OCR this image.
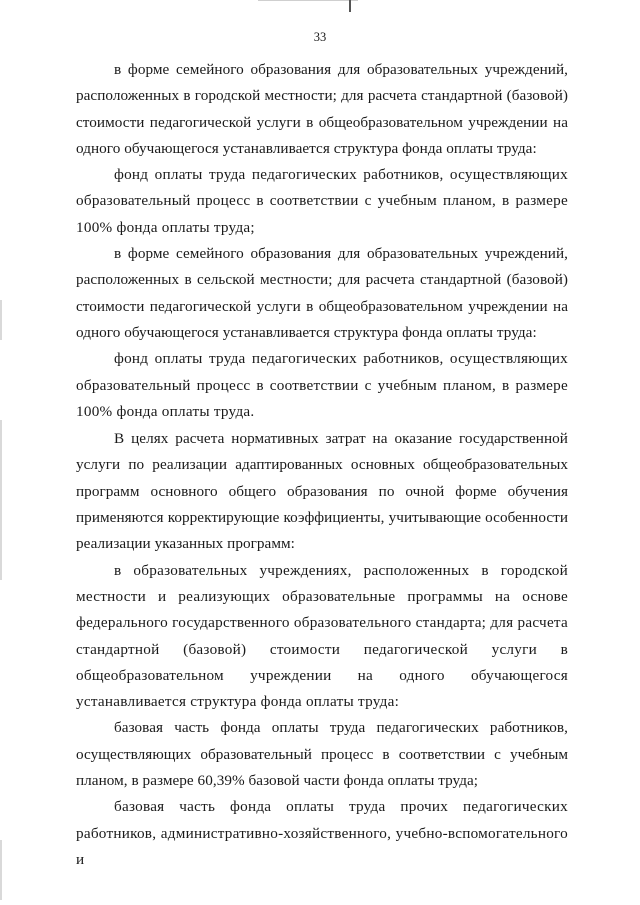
33

в форме семейного образования для образовательных учреждений, расположенных в городской местности; для расчета стандартной (базовой) стоимости педагогической услуги в общеобразовательном учреждении на одного обучающегося устанавливается структура фонда оплаты труда:

фонд оплаты труда педагогических работников, осуществляющих образовательный процесс в соответствии с учебным планом, в размере 100% фонда оплаты труда;

в форме семейного образования для образовательных учреждений, расположенных в сельской местности; для расчета стандартной (базовой) стоимости педагогической услуги в общеобразовательном учреждении на одного обучающегося устанавливается структура фонда оплаты труда:

фонд оплаты труда педагогических работников, осуществляющих образовательный процесс в соответствии с учебным планом, в размере 100% фонда оплаты труда.

В целях расчета нормативных затрат на оказание государственной услуги по реализации адаптированных основных общеобразовательных программ основного общего образования по очной форме обучения применяются корректирующие коэффициенты, учитывающие особенности реализации указанных программ:

в образовательных учреждениях, расположенных в городской местности и реализующих образовательные программы на основе федерального государственного образовательного стандарта; для расчета стандартной (базовой) стоимости педагогической услуги в общеобразовательном учреждении на одного обучающегося устанавливается структура фонда оплаты труда:

базовая часть фонда оплаты труда педагогических работников, осуществляющих образовательный процесс в соответствии с учебным планом, в размере 60,39% базовой части фонда оплаты труда;

базовая часть фонда оплаты труда прочих педагогических работников, административно-хозяйственного, учебно-вспомогательного и
